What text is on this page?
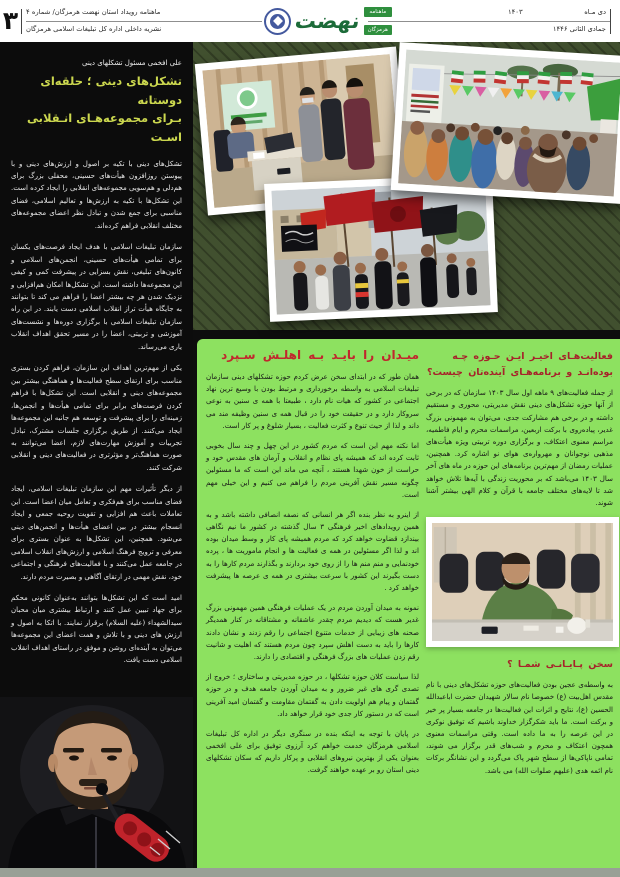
۳ ماهنامه رویداد استان نهضت هرمزگان/ شماره ۴
نشریه داخلی اداره کل تبلیغات اسلامی هرمزگان	نهضت	ماهنامه
هرمزگان
دی مـاه
۱۴۰۳
جمادی الثانی ۱۴۴۶
علی افخمی مسئول تشکلهای دینی
تشکل‌های دینی ؛ حلقه‌ای دوستانه
بـرای مجموعه‌هـای انـقلابی اسـت

تشکل‌های دینی با تکیه بر اصول و ارزش‌های دینی و با پیوستن روزافزون هیأت‌های حسینی، محفلی بزرگ برای هم‌دلی و هم‌سویی مجموعه‌های انقلابی را ایجاد کرده است. این تشکل‌ها با تکیه به ارزش‌ها و تعالیم اسلامی، فضای مناسبی برای جمع شدن و تبادل نظر اعضای مجموعه‌های مختلف انقلابی فراهم کرده‌اند.

سازمان تبلیغات اسلامی با هدف ایجاد فرصت‌های یکسان برای تمامی هیأت‌های حسینی، انجمن‌های اسلامی و کانون‌های تبلیغی، نقش بسزایی در پیشرفت کمی و کیفی این مجموعه‌ها داشته است. این تشکل‌ها امکان هم‌افزایی و نزدیک شدن هر چه بیشتر اعضا را فراهم می کند تا بتوانند به جایگاه هیأت تراز انقلاب اسلامی دست یابند. در این راه سازمان تبلیغات اسلامی با برگزاری دوره‌ها و نشست‌های آموزشی و تربیتی، اعضا را در مسیر تحقق اهداف انقلاب یاری می‌رساند.

یکی از مهم‌ترین اهداف این سازمان، فراهم کردن بستری مناسب برای ارتقای سطح فعالیت‌ها و هماهنگی بیشتر بین مجموعه‌های دینی و انقلابی است. این تشکل‌ها با فراهم کردن فرصت‌های برابر برای تمامی هیأت‌ها و انجمن‌ها، زمینه‌ای را برای پیشرفت و توسعه هم جانبه این مجموعه‌ها ایجاد می‌کنند. از طریق برگزاری جلسات مشترک، تبادل تجربیات و آموزش مهارت‌های لازم، اعضا می‌توانند به صورت هماهنگ‌تر و مؤثرتری در فعالیت‌های دینی و انقلابی شرکت کنند.

از دیگر تأثیرات مهم این سازمان تبلیغات اسلامی، ایجاد فضای مناسب برای هم‌فکری و تعامل میان اعضا است. این تعاملات باعث هم افزایی و تقویت روحیه جمعی و ایجاد انسجام بیشتر در بین اعضای هیأت‌ها و انجمن‌های دینی می‌شود. همچنین، این تشکل‌ها به عنوان بستری برای معرفی و ترویج فرهنگ اسلامی و ارزش‌های انقلاب اسلامی در جامعه عمل می‌کنند و با فعالیت‌های فرهنگی و اجتماعی خود، نقش مهمی در ارتقای آگاهی و بصیرت مردم دارند.

امید است که این تشکل‌ها بتوانند به‌عنوان کانونی محکم برای جهاد تبیین عمل کنند و ارتباط بیشتری میان محبان سیدالشهداء (علیه السلام) برقرار نمایند. با اتکا به اصول و ارزش های دینی و با تلاش و همت اعضای این مجموعه‌ها می‌توان به آینده‌ای روشن و موفق در راستای اهداف انقلاب اسلامی دست یافت.

میـدان را بایـد بـه اهلـش سـپرد

همان طور که در ابتدای سخن عرض کردم حوزه تشکلهای دینی سازمان تبلیغات اسلامی به واسطه برخورداری و مرتبط بودن با وسیع ترین نهاد اجتماعی در کشور که هیات نام دارد ، طبیعتا با همه ی سنین به نوعی سروکار دارد و در حقیقت خود را در قبال همه ی سنین وظیفه مند می داند و لذا از حیث تنوع و کثرت فعالیت ، بسیار شلوغ و پر کار است.

اما نکته مهم این است که مردم کشور در این چهل و چند سال بخوبی ثابت کرده اند که همیشه پای نظام و انقلاب و آرمان های مقدس خود و حراست از خون شهدا هستند ، آنچه می ماند این است که ما مسئولین چگونه مسیر نقش آفرینی مردم را فراهم می کنیم و این خیلی مهم است.

از اینرو به نظر بنده اگر هر انسانی که نصفه انصافی داشته باشد و به همین رویدادهای اخیر فرهنگی ۳ سال گذشته در کشور ما نیم نگاهی بیندازد قضاوت خواهد کرد که مردم همیشه پای کار و وسط میدان بوده اند و لذا اگر مسئولین در همه ی فعالیت ها و انجام ماموریت ها ، پرده خودنمایی و منم منم ها را از روی خود بردارند و بگذارند مردم کارها را به دست بگیرند این کشور با سرعت بیشتری در همه ی عرصه ها پیشرفت خواهد کرد .

نمونه به میدان آوردن مردم در یک عملیات فرهنگی همین مهمونی بزرگ غدیر هست که دیدیم مردم چقدر عاشقانه و مشتاقانه در کنار همدیگر صحنه های زیبایی از خدمات متنوع اجتماعی را رقم زدند و نشان دادند کارها را باید به دست اهلش سپرد چون مردم هستند که اهلیت و شانیت رقم زدن عملیات های بزرگ فرهنگی و اقتصادی را دارند.

لذا سیاست کلان حوزه تشکلها ، در حوزه مدیریتی و ساختاری ؛ خروج از تصدی گری های غیر ضرور و به میدان آوردن جامعه هدف و در حوزه گفتمان و پیام هم اولویت دادن به گفتمان مقاومت و گفتمان امید آفرینی است که در دستور کار جدی خود قرار خواهد داد.

در پایان با توجه به اینکه بنده در سنگری دیگر در اداره کل تبلیغات اسلامی هرمزگان خدمت خواهم کرد آرزوی توفیق برای علی افخمی بعنوان یکی از بهترین نیروهای انقلابی و پرکار داریم که سکان تشکلهای دینی استان رو بر عهده خواهند گرفت.

فعالیت‌هـای اخیـر ایـن حـوزه چـه بوده‌انـد و برنامه‌هـای آینده‌تان چیست؟

از جمله فعالیت‌های ۹ ماهه اول سال ۱۴۰۳ سازمان که در برخی از آنها حوزه تشکل‌های دینی نقش مدیریتی، محوری و مستقیم داشته و در برخی هم مشارکت جدی، می‌توان به مهمونی بزرگ غدیر، پیاده‌روی با برکت اربعین، مراسمات محرم و ایام فاطمیه، مراسم معنوی اعتکاف، و برگزاری دوره تربیتی ویژه هیأت‌های مذهبی نوجوانان و مهرواره‌ی هوای نو اشاره کرد. همچنین، عملیات رمضان از مهم‌ترین برنامه‌های این حوزه در ماه های آخر سال ۱۴۰۳ می‌باشد که بر محوریت زندگی با آیه‌ها تلاش خواهد شد تا لایه‌های مختلف جامعه با قرآن و کلام الهی بیشتر آشنا شوند.

سخن پـایـانـی شمـا ؟

به واسطه‌ی عجین بودن فعالیت‌های حوزه تشکل‌های دینی با نام مقدس اهل‌بیت (ع) خصوصا نام سالار شهیدان حضرت اباعبدالله الحسین (ع)، نتایج و اثرات این فعالیت‌ها در جامعه بسیار پر خیر و برکت است. ما باید شکرگزار خداوند باشیم که توفیق نوکری در این عرصه را به ما داده است. وقتی مراسمات معنوی همچون اعتکاف و محرم و شب‌های قدر برگزار می شوند، تمامی ناپاکی‌ها از سطح شهر پاک می‌گردد و این نشانگر برکات نام ائمه هدی (علیهم صلوات الله) می باشد.
